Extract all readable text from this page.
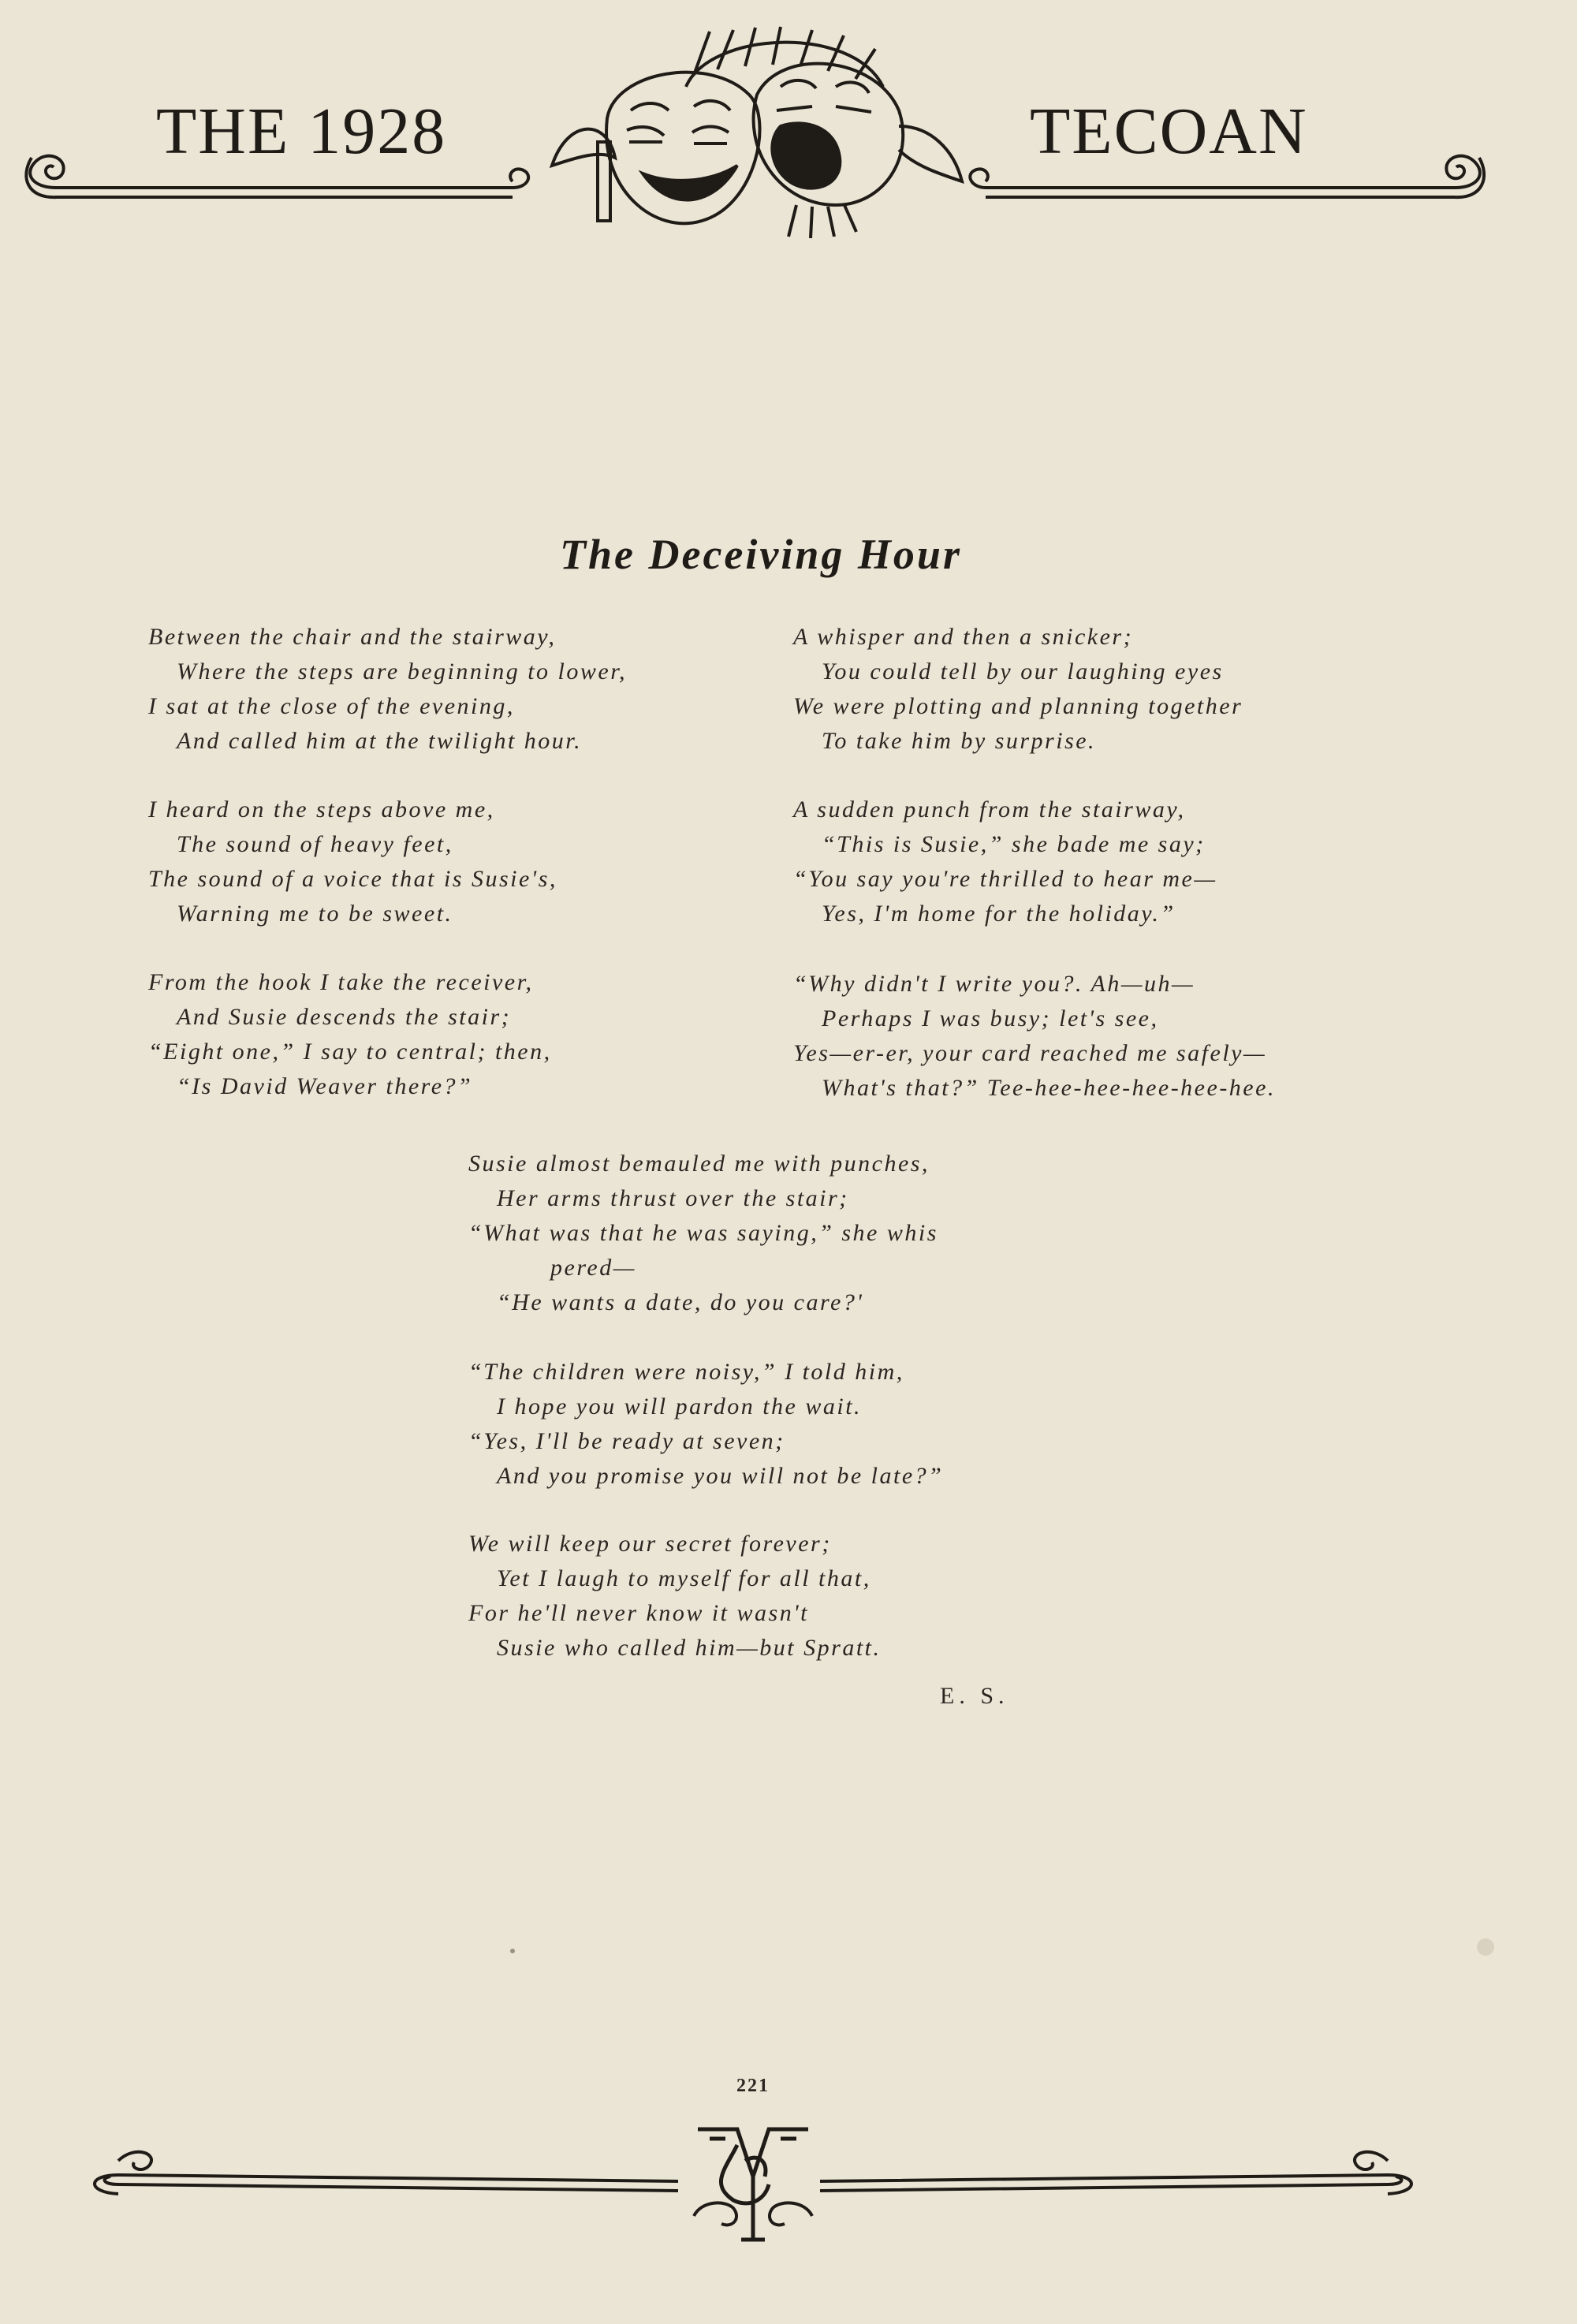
THE 1928	TECOAN
The Deceiving Hour

Between the chair and the stairway,
Where the steps are beginning to lower,
I sat at the close of the evening,
And called him at the twilight hour.

I heard on the steps above me,
The sound of heavy feet,
The sound of a voice that is Susie's,
Warning me to be sweet.

From the hook I take the receiver,
And Susie descends the stair;
“Eight one,” I say to central; then,
“Is David Weaver there?”

A whisper and then a snicker;
You could tell by our laughing eyes
We were plotting and planning together
To take him by surprise.

A sudden punch from the stairway,
“This is Susie,” she bade me say;
“You say you're thrilled to hear me—
Yes, I'm home for the holiday.”

“Why didn't I write you?. Ah—uh—
Perhaps I was busy; let's see,
Yes—er-er, your card reached me safely—
What's that?” Tee-hee-hee-hee-hee-hee.

Susie almost bemauled me with punches,
Her arms thrust over the stair;
“What was that he was saying,” she whis
pered—
“He wants a date, do you care?'

“The children were noisy,” I told him,
I hope you will pardon the wait.
“Yes, I'll be ready at seven;
And you promise you will not be late?”

We will keep our secret forever;
Yet I laugh to myself for all that,
For he'll never know it wasn't
Susie who called him—but Spratt.

E. S.
221
